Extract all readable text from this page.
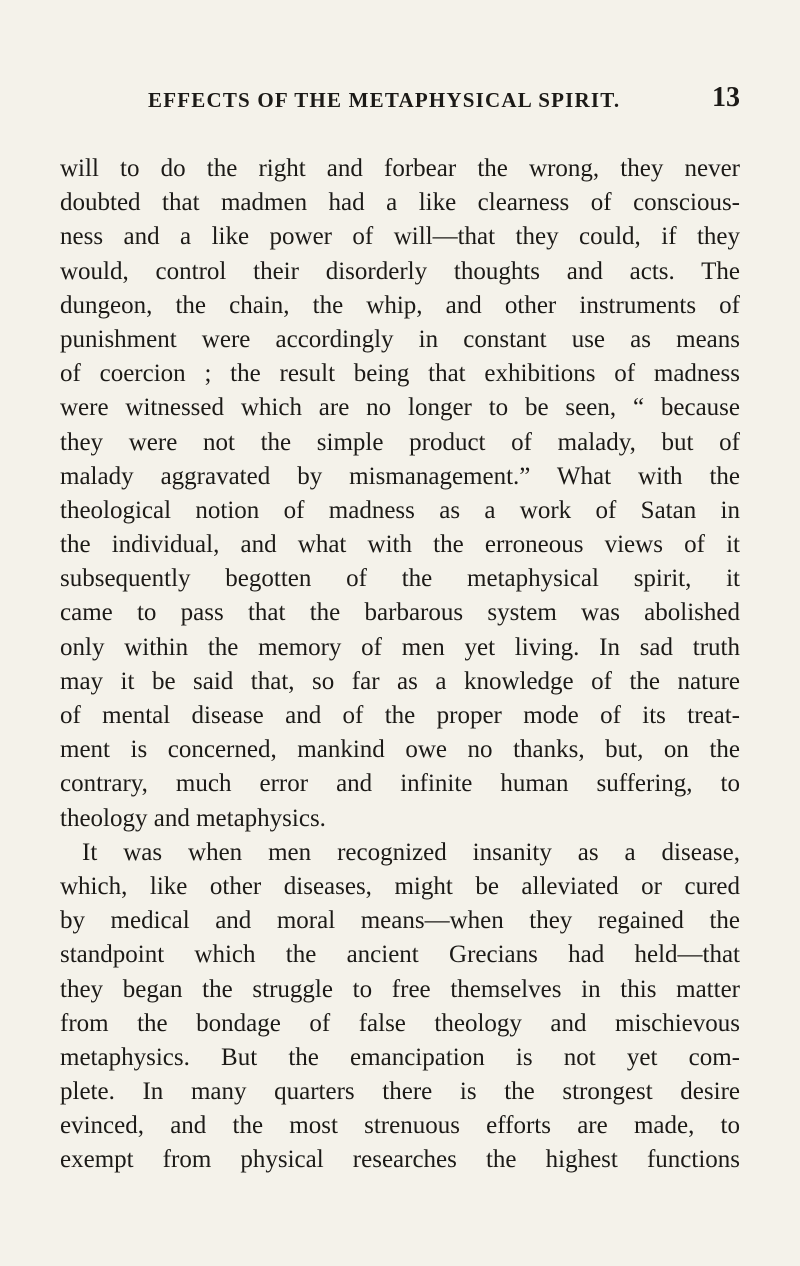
EFFECTS OF THE METAPHYSICAL SPIRIT.	13
will to do the right and forbear the wrong, they never
doubted that madmen had a like clearness of conscious-
ness and a like power of will—that they could, if they
would, control their disorderly thoughts and acts. The
dungeon, the chain, the whip, and other instruments of
punishment were accordingly in constant use as means
of coercion ; the result being that exhibitions of madness
were witnessed which are no longer to be seen, “ because
they were not the simple product of malady, but of
malady aggravated by mismanagement.” What with the
theological notion of madness as a work of Satan in
the individual, and what with the erroneous views of it
subsequently begotten of the metaphysical spirit, it
came to pass that the barbarous system was abolished
only within the memory of men yet living. In sad truth
may it be said that, so far as a knowledge of the nature
of mental disease and of the proper mode of its treat-
ment is concerned, mankind owe no thanks, but, on the
contrary, much error and infinite human suffering, to
theology and metaphysics.
It was when men recognized insanity as a disease,
which, like other diseases, might be alleviated or cured
by medical and moral means—when they regained the
standpoint which the ancient Grecians had held—that
they began the struggle to free themselves in this matter
from the bondage of false theology and mischievous
metaphysics. But the emancipation is not yet com-
plete. In many quarters there is the strongest desire
evinced, and the most strenuous efforts are made, to
exempt from physical researches the highest functions
